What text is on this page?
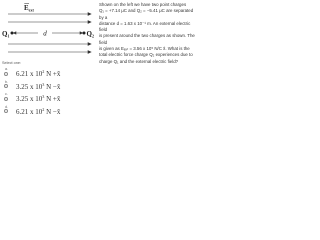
$E_{ext}$
$Q_1$	$Q_2$
d

Shown on the left we have two point charges

Q₁ = +7.14 μC and Q₂ = −5.41 μC are separated by a

distance d = 1.63 x 10⁻¹ m. An external electric field

is present around the two charges as shown. The field

is given as Eₑₓₜ = 3.56 x 10⁵ N/C x̂. What is the

total electric force charge Q₂ experiences due to

charge Q₁ and the external electric field?

Select one:
a.
6.21 x $10^2$ N +x̂
b.
3.25 x $10^3$ N −x̂
c.
3.25 x $10^3$ N +x̂
d.
6.21 x $10^2$ N −x̂
